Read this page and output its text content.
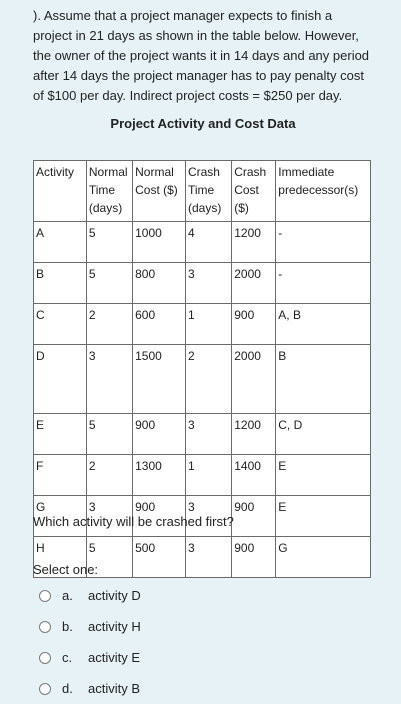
). Assume that a project manager expects to finish a project in 21 days as shown in the table below. However, the owner of the project wants it in 14 days and any period after 14 days the project manager has to pay penalty cost of $100 per day. Indirect project costs = $250 per day.
Project Activity and Cost Data
Activity	Normal Time (days)	Normal Cost ($)	Crash Time (days)	Crash Cost ($)	Immediate predecessor(s)
A	5	1000	4	1200	-
B	5	800	3	2000	-
C	2	600	1	900	A, B
D	3	1500	2	2000	B
E	5	900	3	1200	C, D
F	2	1300	1	1400	E
G	3	900	3	900	E
H	5	500	3	900	G

Which activity will be crashed first?

Select one:
a.	activity D
b.	activity H
c.	activity E
d.	activity B
